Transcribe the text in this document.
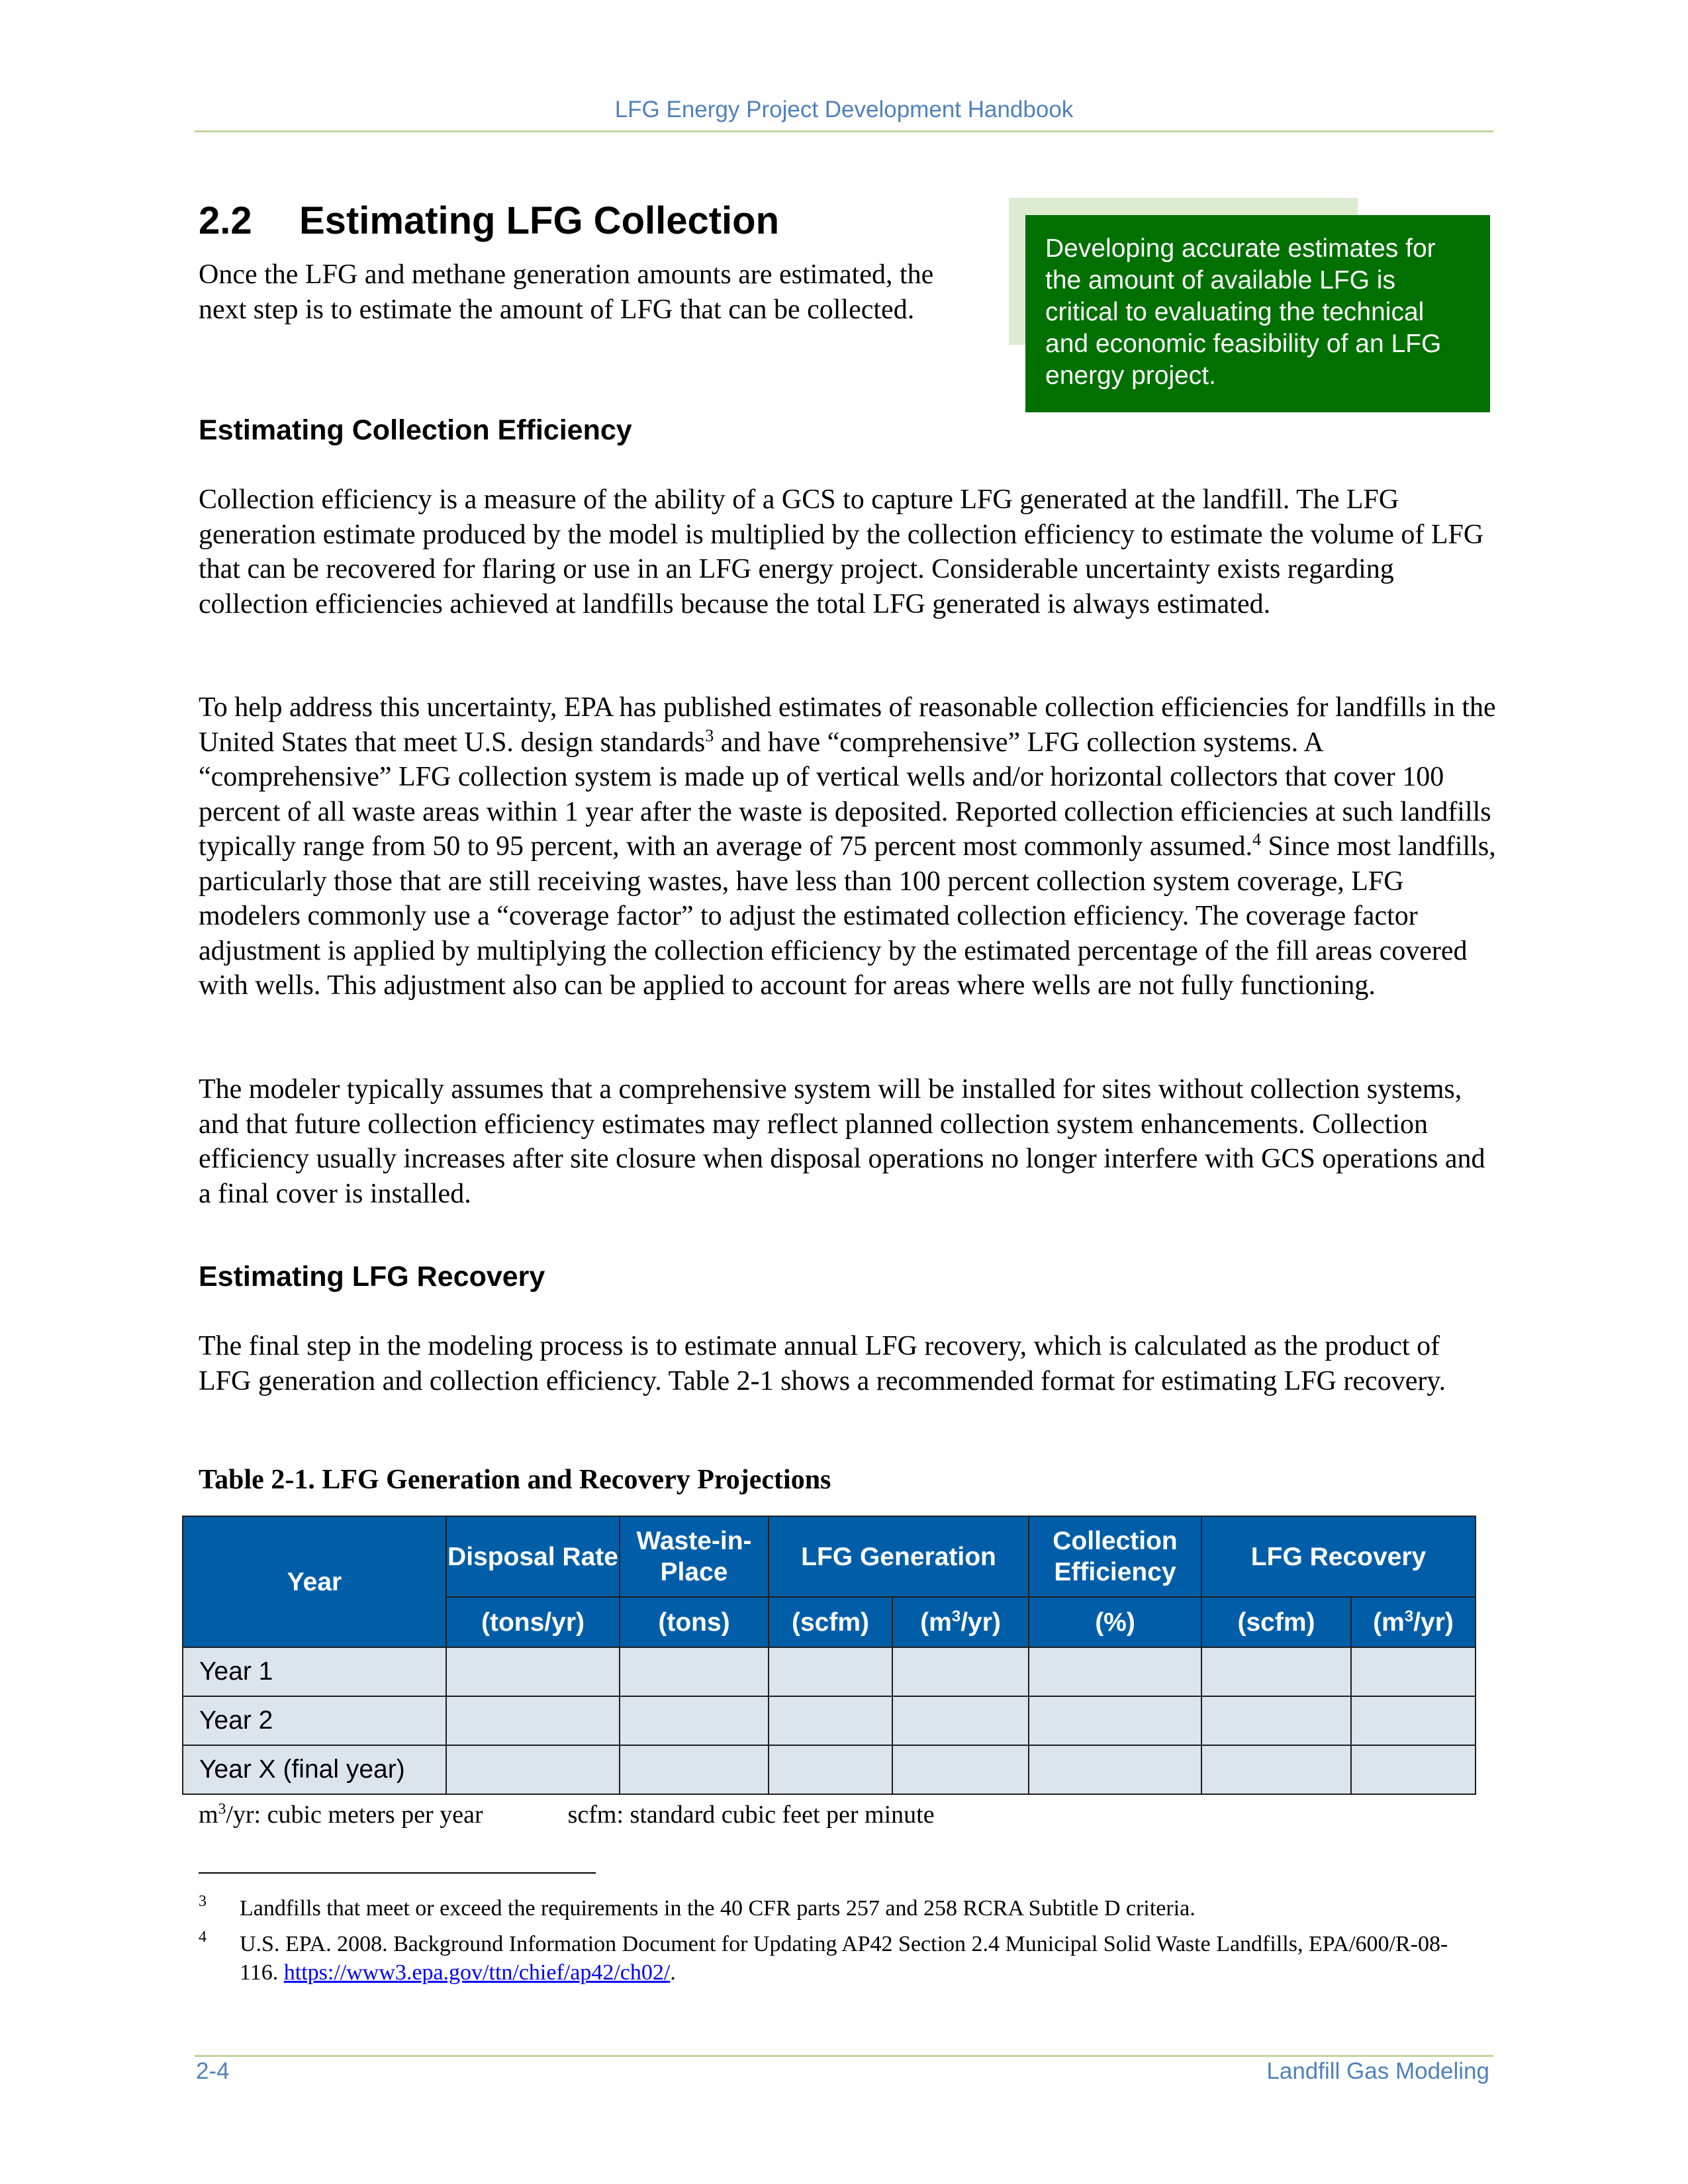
LFG Energy Project Development Handbook
2.2 Estimating LFG Collection
Once the LFG and methane generation amounts are estimated, the next step is to estimate the amount of LFG that can be collected.
Developing accurate estimates for the amount of available LFG is critical to evaluating the technical and economic feasibility of an LFG energy project.
Estimating Collection Efficiency
Collection efficiency is a measure of the ability of a GCS to capture LFG generated at the landfill. The LFG generation estimate produced by the model is multiplied by the collection efficiency to estimate the volume of LFG that can be recovered for flaring or use in an LFG energy project. Considerable uncertainty exists regarding collection efficiencies achieved at landfills because the total LFG generated is always estimated.
To help address this uncertainty, EPA has published estimates of reasonable collection efficiencies for landfills in the United States that meet U.S. design standards$^3$ and have “comprehensive” LFG collection systems. A “comprehensive” LFG collection system is made up of vertical wells and/or horizontal collectors that cover 100 percent of all waste areas within 1 year after the waste is deposited. Reported collection efficiencies at such landfills typically range from 50 to 95 percent, with an average of 75 percent most commonly assumed.$^4$ Since most landfills, particularly those that are still receiving wastes, have less than 100 percent collection system coverage, LFG modelers commonly use a “coverage factor” to adjust the estimated collection efficiency. The coverage factor adjustment is applied by multiplying the collection efficiency by the estimated percentage of the fill areas covered with wells. This adjustment also can be applied to account for areas where wells are not fully functioning.
The modeler typically assumes that a comprehensive system will be installed for sites without collection systems, and that future collection efficiency estimates may reflect planned collection system enhancements. Collection efficiency usually increases after site closure when disposal operations no longer interfere with GCS operations and a final cover is installed.
Estimating LFG Recovery
The final step in the modeling process is to estimate annual LFG recovery, which is calculated as the product of LFG generation and collection efficiency. Table 2-1 shows a recommended format for estimating LFG recovery.
Table 2-1. LFG Generation and Recovery Projections
Year	Disposal Rate	Waste-in-Place	LFG Generation		Collection Efficiency	LFG Recovery	
	(tons/yr)	(tons)	(scfm)	$(m^3/yr)$	(%)	(scfm)	$(m^3/yr)$
Year 1							
Year 2							
Year X (final year)							
$m^3/yr$: cubic meters per year	scfm: standard cubic feet per minute
3 Landfills that meet or exceed the requirements in the 40 CFR parts 257 and 258 RCRA Subtitle D criteria.
4 U.S. EPA. 2008. Background Information Document for Updating AP42 Section 2.4 Municipal Solid Waste Landfills, EPA/600/R-08-116. https://www3.epa.gov/ttn/chief/ap42/ch02/.
2-4	Landfill Gas Modeling
